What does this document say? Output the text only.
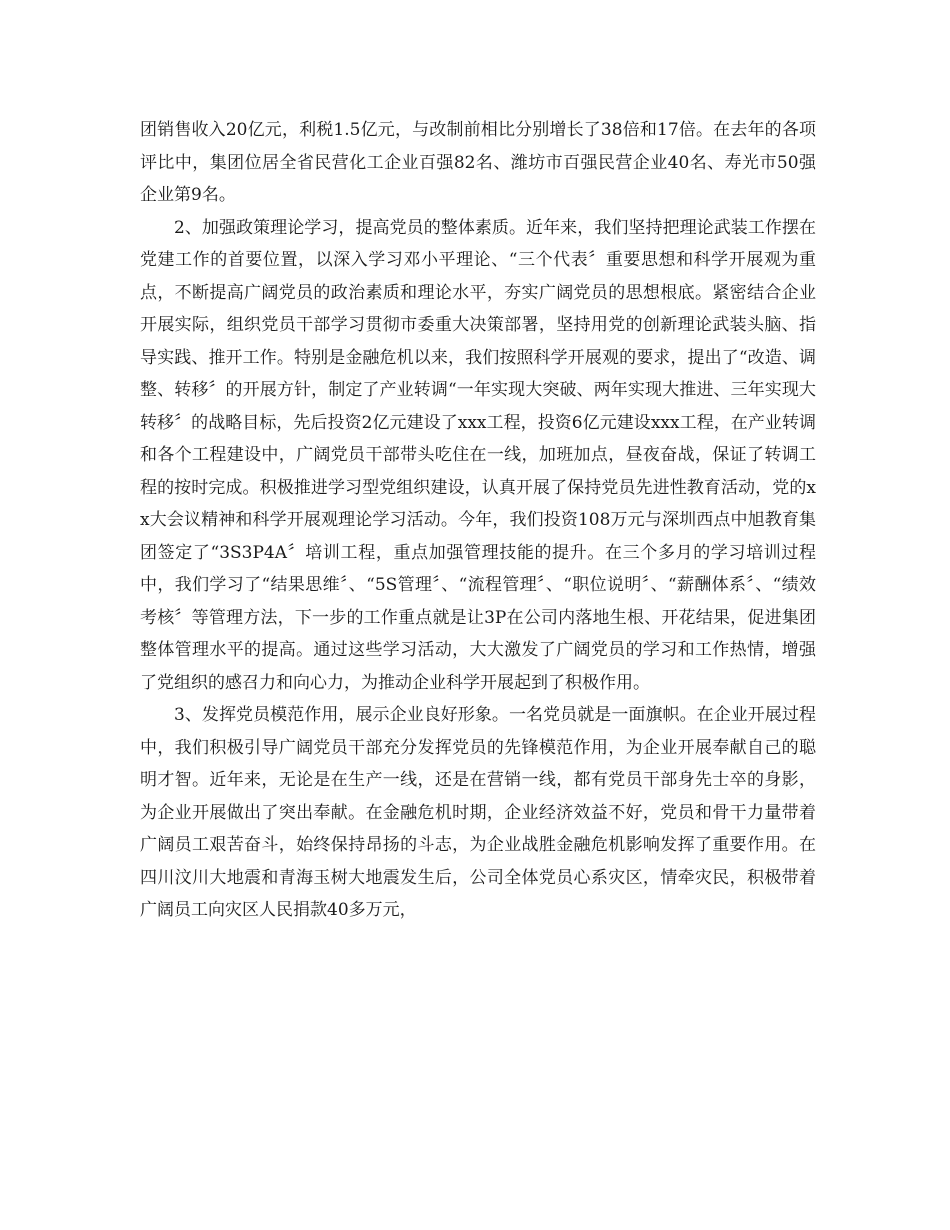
团销售收入20亿元，利税1.5亿元，与改制前相比分别增长了38倍和17倍。在去年的各项评比中，集团位居全省民营化工企业百强82名、潍坊市百强民营企业40名、寿光市50强企业第9名。

2、加强政策理论学习，提高党员的整体素质。近年来，我们坚持把理论武装工作摆在党建工作的首要位置，以深入学习邓小平理论、“三个代表〞重要思想和科学开展观为重点，不断提高广阔党员的政治素质和理论水平，夯实广阔党员的思想根底。紧密结合企业开展实际，组织党员干部学习贯彻市委重大决策部署，坚持用党的创新理论武装头脑、指导实践、推开工作。特别是金融危机以来，我们按照科学开展观的要求，提出了“改造、调整、转移〞的开展方针，制定了产业转调“一年实现大突破、两年实现大推进、三年实现大转移〞的战略目标，先后投资2亿元建设了xxx工程，投资6亿元建设xxx工程，在产业转调和各个工程建设中，广阔党员干部带头吃住在一线，加班加点，昼夜奋战，保证了转调工程的按时完成。积极推进学习型党组织建设，认真开展了保持党员先进性教育活动，党的xx大会议精神和科学开展观理论学习活动。今年，我们投资108万元与深圳西点中旭教育集团签定了“3S3P4A〞培训工程，重点加强管理技能的提升。在三个多月的学习培训过程中，我们学习了“结果思维〞、“5S管理〞、“流程管理〞、“职位说明〞、“薪酬体系〞、“绩效考核〞等管理方法，下一步的工作重点就是让3P在公司内落地生根、开花结果，促进集团整体管理水平的提高。通过这些学习活动，大大激发了广阔党员的学习和工作热情，增强了党组织的感召力和向心力，为推动企业科学开展起到了积极作用。

3、发挥党员模范作用，展示企业良好形象。一名党员就是一面旗帜。在企业开展过程中，我们积极引导广阔党员干部充分发挥党员的先锋模范作用，为企业开展奉献自己的聪明才智。近年来，无论是在生产一线，还是在营销一线，都有党员干部身先士卒的身影，为企业开展做出了突出奉献。在金融危机时期，企业经济效益不好，党员和骨干力量带着广阔员工艰苦奋斗，始终保持昂扬的斗志，为企业战胜金融危机影响发挥了重要作用。在四川汶川大地震和青海玉树大地震发生后，公司全体党员心系灾区，情牵灾民，积极带着广阔员工向灾区人民捐款40多万元，
